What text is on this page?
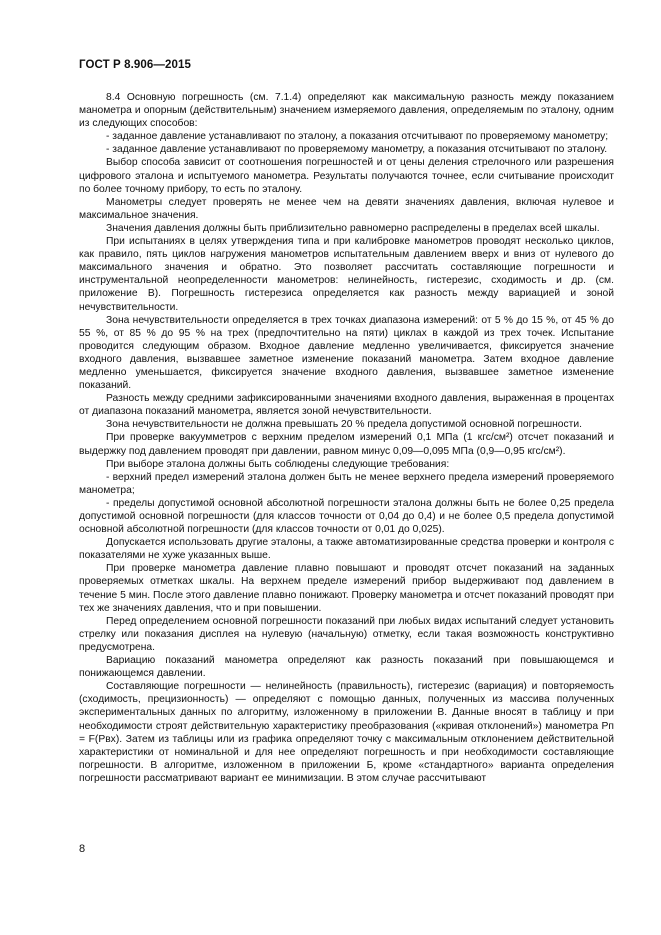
ГОСТ Р 8.906—2015

8.4 Основную погрешность (см. 7.1.4) определяют как максимальную разность между показанием манометра и опорным (действительным) значением измеряемого давления, определяемым по эталону, одним из следующих способов:

- заданное давление устанавливают по эталону, а показания отсчитывают по проверяемому манометру;

- заданное давление устанавливают по проверяемому манометру, а показания отсчитывают по эталону.

Выбор способа зависит от соотношения погрешностей и от цены деления стрелочного или разрешения цифрового эталона и испытуемого манометра. Результаты получаются точнее, если считывание происходит по более точному прибору, то есть по эталону.

Манометры следует проверять не менее чем на девяти значениях давления, включая нулевое и максимальное значения.

Значения давления должны быть приблизительно равномерно распределены в пределах всей шкалы.

При испытаниях в целях утверждения типа и при калибровке манометров проводят несколько циклов, как правило, пять циклов нагружения манометров испытательным давлением вверх и вниз от нулевого до максимального значения и обратно. Это позволяет рассчитать составляющие погрешности и инструментальной неопределенности манометров: нелинейность, гистерезис, сходимость и др. (см. приложение В). Погрешность гистерезиса определяется как разность между вариацией и зоной нечувствительности.

Зона нечувствительности определяется в трех точках диапазона измерений: от 5 % до 15 %, от 45 % до 55 %, от 85 % до 95 % на трех (предпочтительно на пяти) циклах в каждой из трех точек. Испытание проводится следующим образом. Входное давление медленно увеличивается, фиксируется значение входного давления, вызвавшее заметное изменение показаний манометра. Затем входное давление медленно уменьшается, фиксируется значение входного давления, вызвавшее заметное изменение показаний.

Разность между средними зафиксированными значениями входного давления, выраженная в процентах от диапазона показаний манометра, является зоной нечувствительности.

Зона нечувствительности не должна превышать 20 % предела допустимой основной погрешности.

При проверке вакуумметров с верхним пределом измерений 0,1 МПа (1 кгс/см²) отсчет показаний и выдержку под давлением проводят при давлении, равном минус 0,09—0,095 МПа (0,9—0,95 кгс/см²).

При выборе эталона должны быть соблюдены следующие требования:

- верхний предел измерений эталона должен быть не менее верхнего предела измерений проверяемого манометра;

- пределы допустимой основной абсолютной погрешности эталона должны быть не более 0,25 предела допустимой основной погрешности (для классов точности от 0,04 до 0,4) и не более 0,5 предела допустимой основной абсолютной погрешности (для классов точности от 0,01 до 0,025).

Допускается использовать другие эталоны, а также автоматизированные средства проверки и контроля с показателями не хуже указанных выше.

При проверке манометра давление плавно повышают и проводят отсчет показаний на заданных проверяемых отметках шкалы. На верхнем пределе измерений прибор выдерживают под давлением в течение 5 мин. После этого давление плавно понижают. Проверку манометра и отсчет показаний проводят при тех же значениях давления, что и при повышении.

Перед определением основной погрешности показаний при любых видах испытаний следует установить стрелку или показания дисплея на нулевую (начальную) отметку, если такая возможность конструктивно предусмотрена.

Вариацию показаний манометра определяют как разность показаний при повышающемся и понижающемся давлении.

Составляющие погрешности — нелинейность (правильность), гистерезис (вариация) и повторяемость (сходимость, прецизионность) — определяют с помощью данных, полученных из массива полученных экспериментальных данных по алгоритму, изложенному в приложении В. Данные вносят в таблицу и при необходимости строят действительную характеристику преобразования («кривая отклонений») манометра Pп = F(Pвх). Затем из таблицы или из графика определяют точку с максимальным отклонением действительной характеристики от номинальной и для нее определяют погрешность и при необходимости составляющие погрешности. В алгоритме, изложенном в приложении Б, кроме «стандартного» варианта определения погрешности рассматривают вариант ее минимизации. В этом случае рассчитывают

8
